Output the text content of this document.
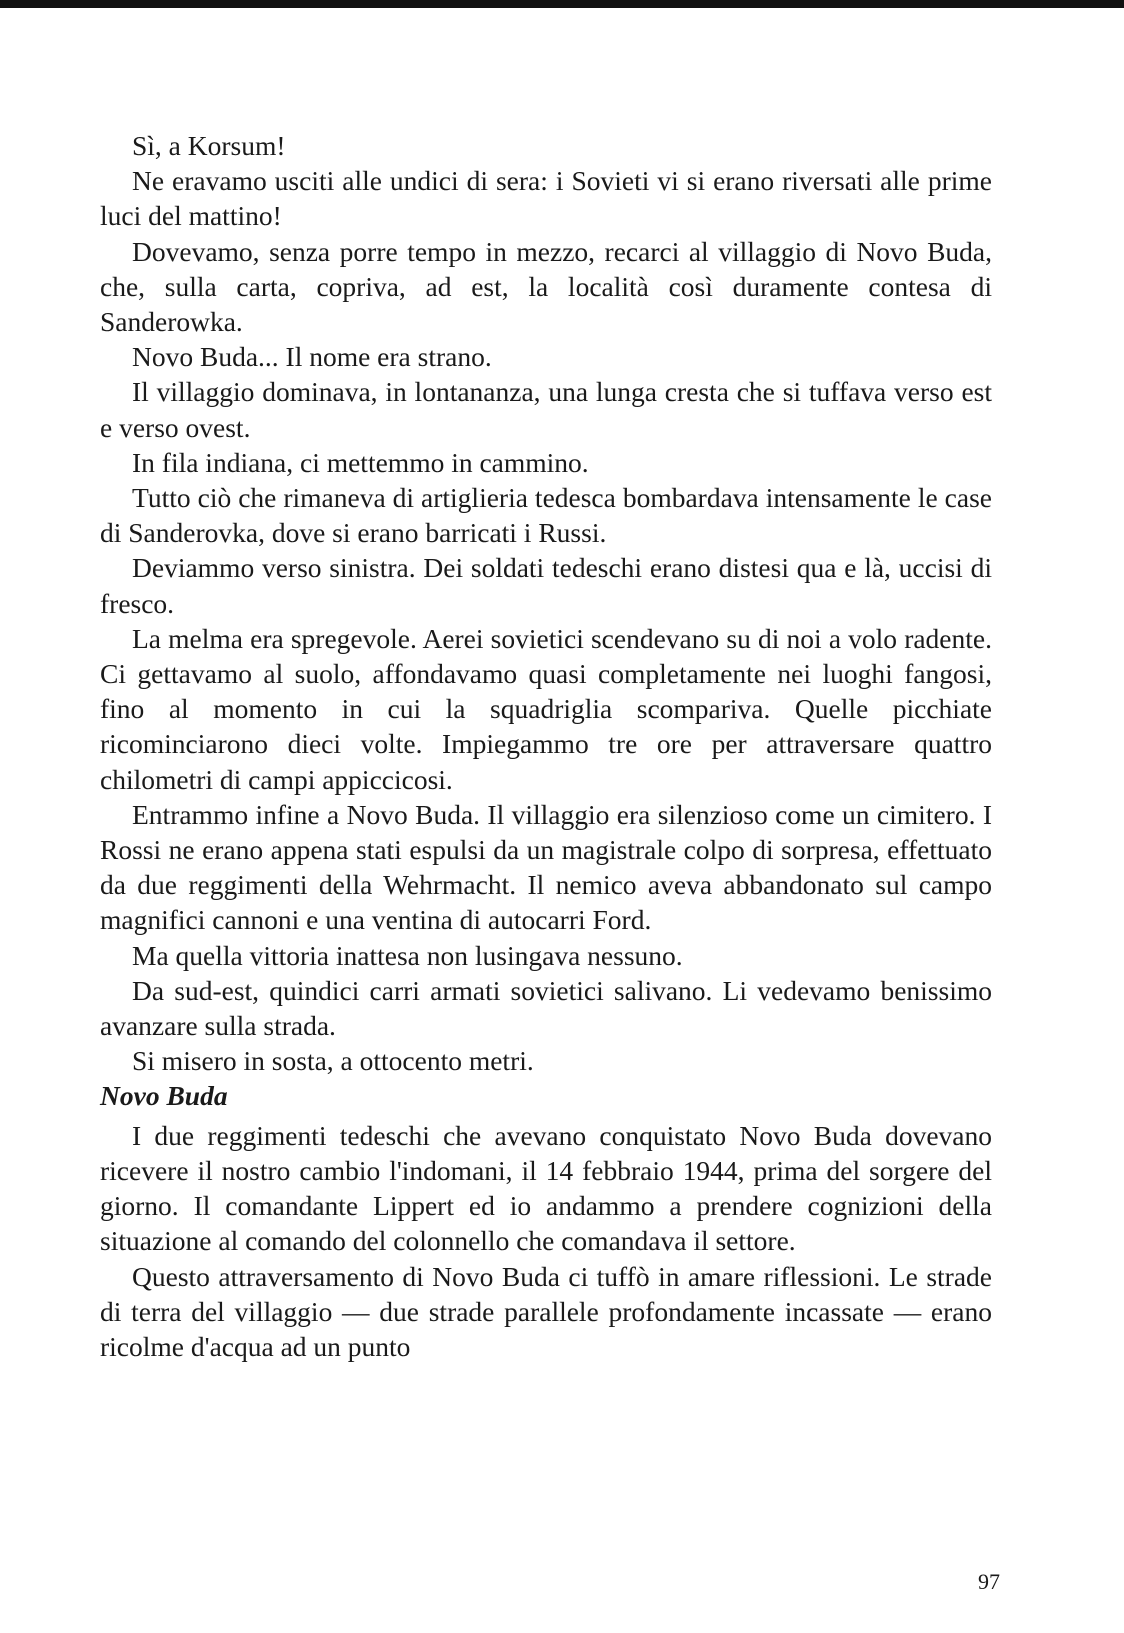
Sì, a Korsum!

Ne eravamo usciti alle undici di sera: i Sovieti vi si erano riversati alle prime luci del mattino!

Dovevamo, senza porre tempo in mezzo, recarci al villaggio di Novo Buda, che, sulla carta, copriva, ad est, la località così duramente contesa di Sanderowka.

Novo Buda... Il nome era strano.

Il villaggio dominava, in lontananza, una lunga cresta che si tuffava verso est e verso ovest.

In fila indiana, ci mettemmo in cammino.

Tutto ciò che rimaneva di artiglieria tedesca bombardava intensamente le case di Sanderovka, dove si erano barricati i Russi.

Deviammo verso sinistra. Dei soldati tedeschi erano distesi qua e là, uccisi di fresco.

La melma era spregevole. Aerei sovietici scendevano su di noi a volo radente. Ci gettavamo al suolo, affondavamo quasi completamente nei luoghi fangosi, fino al momento in cui la squadriglia scompariva. Quelle picchiate ricominciarono dieci volte. Impiegammo tre ore per attraversare quattro chilometri di campi appiccicosi.

Entrammo infine a Novo Buda. Il villaggio era silenzioso come un cimitero. I Rossi ne erano appena stati espulsi da un magistrale colpo di sorpresa, effettuato da due reggimenti della Wehrmacht. Il nemico aveva abbandonato sul campo magnifici cannoni e una ventina di autocarri Ford.

Ma quella vittoria inattesa non lusingava nessuno.

Da sud-est, quindici carri armati sovietici salivano. Li vedevamo benissimo avanzare sulla strada.

Si misero in sosta, a ottocento metri.

Novo Buda

I due reggimenti tedeschi che avevano conquistato Novo Buda dovevano ricevere il nostro cambio l'indomani, il 14 febbraio 1944, prima del sorgere del giorno. Il comandante Lippert ed io andammo a prendere cognizioni della situazione al comando del colonnello che comandava il settore.

Questo attraversamento di Novo Buda ci tuffò in amare riflessioni. Le strade di terra del villaggio — due strade parallele profondamente incassate — erano ricolme d'acqua ad un punto

97
